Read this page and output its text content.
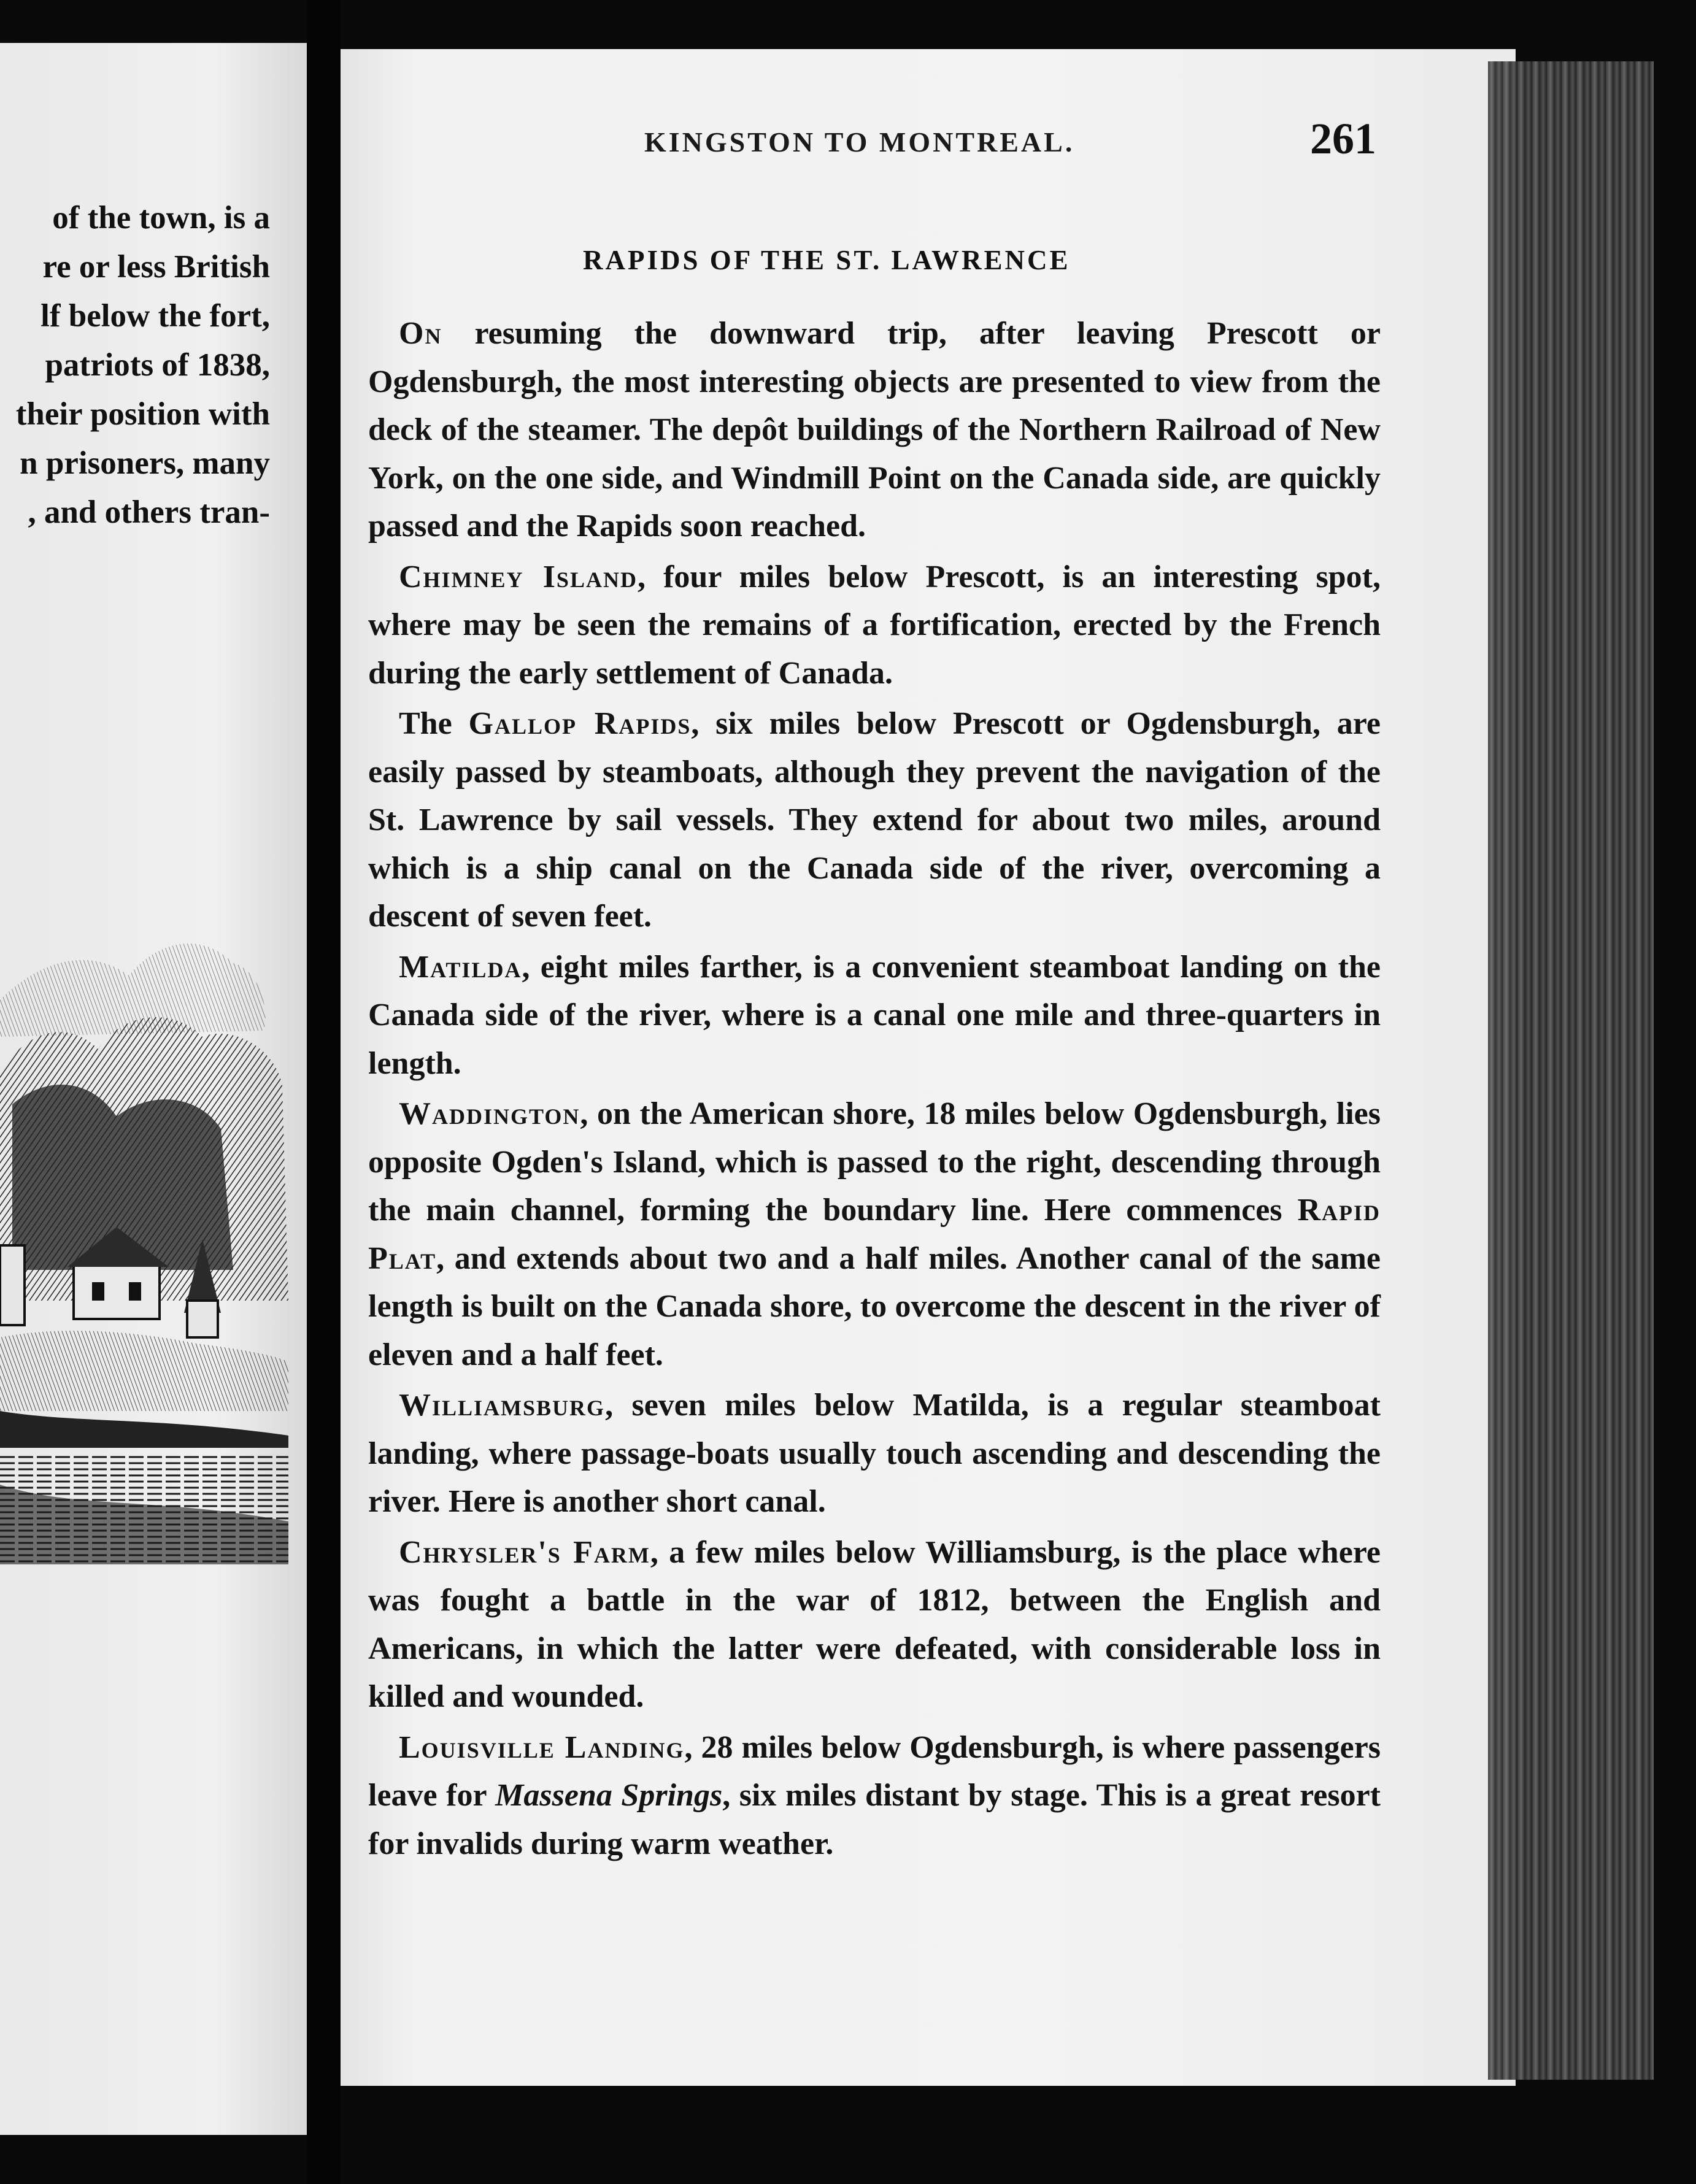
of the town, is a
re or less British
lf below the fort,
patriots of 1838,
their position with
n prisoners, many
, and others tran-
KINGSTON TO MONTREAL.	261
RAPIDS OF THE ST. LAWRENCE

On resuming the downward trip, after leaving Prescott or Ogdensburgh, the most interesting objects are presented to view from the deck of the steamer. The depôt buildings of the Northern Railroad of New York, on the one side, and Windmill Point on the Canada side, are quickly passed and the Rapids soon reached.

Chimney Island, four miles below Prescott, is an interesting spot, where may be seen the remains of a fortification, erected by the French during the early settlement of Canada.

The Gallop Rapids, six miles below Prescott or Ogdensburgh, are easily passed by steamboats, although they prevent the navigation of the St. Lawrence by sail vessels. They extend for about two miles, around which is a ship canal on the Canada side of the river, overcoming a descent of seven feet.

Matilda, eight miles farther, is a convenient steamboat landing on the Canada side of the river, where is a canal one mile and three-quarters in length.

Waddington, on the American shore, 18 miles below Ogdensburgh, lies opposite Ogden's Island, which is passed to the right, descending through the main channel, forming the boundary line. Here commences Rapid Plat, and extends about two and a half miles. Another canal of the same length is built on the Canada shore, to overcome the descent in the river of eleven and a half feet.

Williamsburg, seven miles below Matilda, is a regular steamboat landing, where passage-boats usually touch ascending and descending the river. Here is another short canal.

Chrysler's Farm, a few miles below Williamsburg, is the place where was fought a battle in the war of 1812, between the English and Americans, in which the latter were defeated, with considerable loss in killed and wounded.

Louisville Landing, 28 miles below Ogdensburgh, is where passengers leave for Massena Springs, six miles distant by stage. This is a great resort for invalids during warm weather.
